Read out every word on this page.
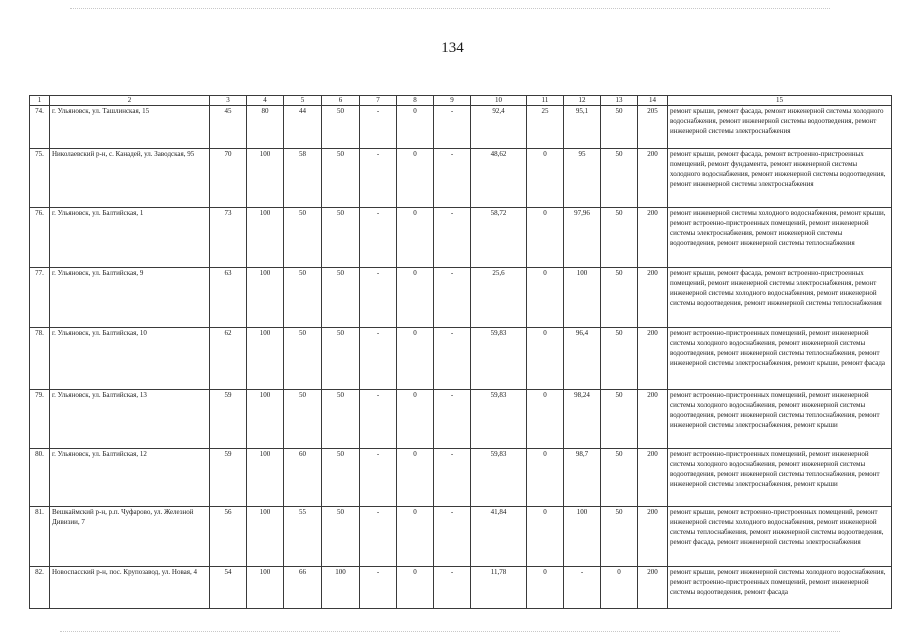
134
1	2	3	4	5	6	7	8	9	10	11	12	13	14	15
74.	г. Ульяновск, ул. Ташлинская, 15	45	80	44	50	-	0	-	92,4	25	95,1	50	205	ремонт крыши, ремонт фасада, ремонт инженерной системы холодного водоснабжения, ремонт инженерной системы водоотведения, ремонт инженерной системы электроснабжения
75.	Николаевский р-н, с. Канадей, ул. Заводская, 95	70	100	58	50	-	0	-	48,62	0	95	50	200	ремонт крыши, ремонт фасада, ремонт встроенно-пристроенных помещений, ремонт фундамента, ремонт инженерной системы холодного водоснабжения, ремонт инженерной системы водоотведения, ремонт инженерной системы электроснабжения
76.	г. Ульяновск, ул. Балтийская, 1	73	100	50	50	-	0	-	58,72	0	97,96	50	200	ремонт инженерной системы холодного водоснабжения, ремонт крыши, ремонт встроенно-пристроенных помещений, ремонт инженерной системы электроснабжения, ремонт инженерной системы водоотведения, ремонт инженерной системы теплоснабжения
77.	г. Ульяновск, ул. Балтийская, 9	63	100	50	50	-	0	-	25,6	0	100	50	200	ремонт крыши, ремонт фасада, ремонт встроенно-пристроенных помещений, ремонт инженерной системы электроснабжения, ремонт инженерной системы холодного водоснабжения, ремонт инженерной системы водоотведения, ремонт инженерной системы теплоснабжения
78.	г. Ульяновск, ул. Балтийская, 10	62	100	50	50	-	0	-	59,83	0	96,4	50	200	ремонт встроенно-пристроенных помещений, ремонт инженерной системы холодного водоснабжения, ремонт инженерной системы водоотведения, ремонт инженерной системы теплоснабжения, ремонт инженерной системы электроснабжения, ремонт крыши, ремонт фасада
79.	г. Ульяновск, ул. Балтийская, 13	59	100	50	50	-	0	-	59,83	0	98,24	50	200	ремонт встроенно-пристроенных помещений, ремонт инженерной системы холодного водоснабжения, ремонт инженерной системы водоотведения, ремонт инженерной системы теплоснабжения, ремонт инженерной системы электроснабжения, ремонт крыши
80.	г. Ульяновск, ул. Балтийская, 12	59	100	60	50	-	0	-	59,83	0	98,7	50	200	ремонт встроенно-пристроенных помещений, ремонт инженерной системы холодного водоснабжения, ремонт инженерной системы водоотведения, ремонт инженерной системы теплоснабжения, ремонт инженерной системы электроснабжения, ремонт крыши
81.	Вешкаймский р-н, р.п. Чуфарово, ул. Железной Дивизии, 7	56	100	55	50	-	0	-	41,84	0	100	50	200	ремонт крыши, ремонт встроенно-пристроенных помещений, ремонт инженерной системы холодного водоснабжения, ремонт инженерной системы теплоснабжения, ремонт инженерной системы водоотведения, ремонт фасада, ремонт инженерной системы электроснабжения
82.	Новоспасский р-н, пос. Крупозавод, ул. Новая, 4	54	100	66	100	-	0	-	11,78	0	-	0	200	ремонт крыши, ремонт инженерной системы холодного водоснабжения, ремонт встроенно-пристроенных помещений, ремонт инженерной системы водоотведения, ремонт фасада
